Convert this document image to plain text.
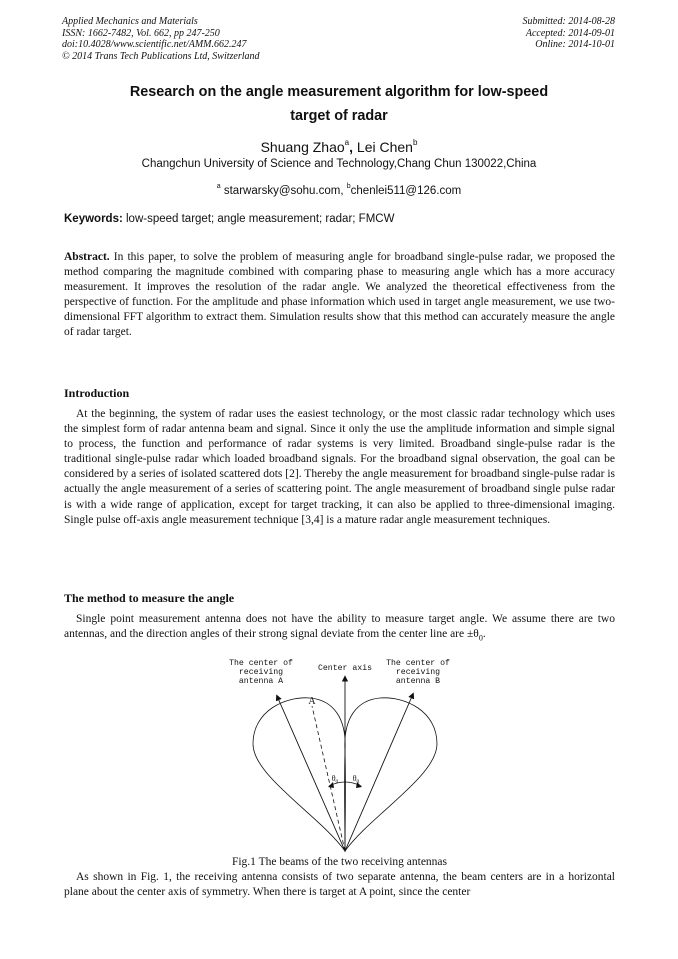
Applied Mechanics and Materials
ISSN: 1662-7482, Vol. 662, pp 247-250
doi:10.4028/www.scientific.net/AMM.662.247
© 2014 Trans Tech Publications Ltd, Switzerland
Submitted: 2014-08-28
Accepted: 2014-09-01
Online: 2014-10-01
Research on the angle measurement algorithm for low-speed
target of radar
Shuang Zhao$^a$, Lei Chen$^b$
Changchun University of Science and Technology,Chang Chun 130022,China
$^a$ starwarsky@sohu.com, $^b$chenlei511@126.com
Keywords: low-speed target; angle measurement; radar; FMCW

Abstract. In this paper, to solve the problem of measuring angle for broadband single-pulse radar, we proposed the method comparing the magnitude combined with comparing phase to measuring angle which has a more accuracy measurement. It improves the resolution of the radar angle. We analyzed the theoretical effectiveness from the perspective of function. For the amplitude and phase information which used in target angle measurement, we use two-dimensional FFT algorithm to extract them. Simulation results show that this method can accurately measure the angle of radar target.

Introduction

At the beginning, the system of radar uses the easiest technology, or the most classic radar technology which uses the simplest form of radar antenna beam and signal. Since it only the use the amplitude information and simple signal to process, the function and performance of radar systems is very limited. Broadband single-pulse radar is the traditional single-pulse radar which loaded broadband signals. For the broadband signal observation, the goal can be considered by a series of isolated scattered dots [2]. Thereby the angle measurement for broadband single-pulse radar is actually the angle measurement of a series of scattering point. The angle measurement of broadband single pulse radar is with a wide range of application, except for target tracking, it can also be applied to three-dimensional imaging. Single pulse off-axis angle measurement technique [3,4] is a mature radar angle measurement techniques.

The method to measure the angle

Single point measurement antenna does not have the ability to measure target angle. We assume there are two antennas, and the direction angles of their strong signal deviate from the center line are $\pm\theta_0$.

The center of
receiving
antenna A
Center axis
The center of
receiving
antenna B
A
$\theta_0$ $\theta_0$
Fig.1 The beams of the two receiving antennas

As shown in Fig. 1, the receiving antenna consists of two separate antenna, the beam centers are in a horizontal plane about the center axis of symmetry. When there is target at A point, since the center
